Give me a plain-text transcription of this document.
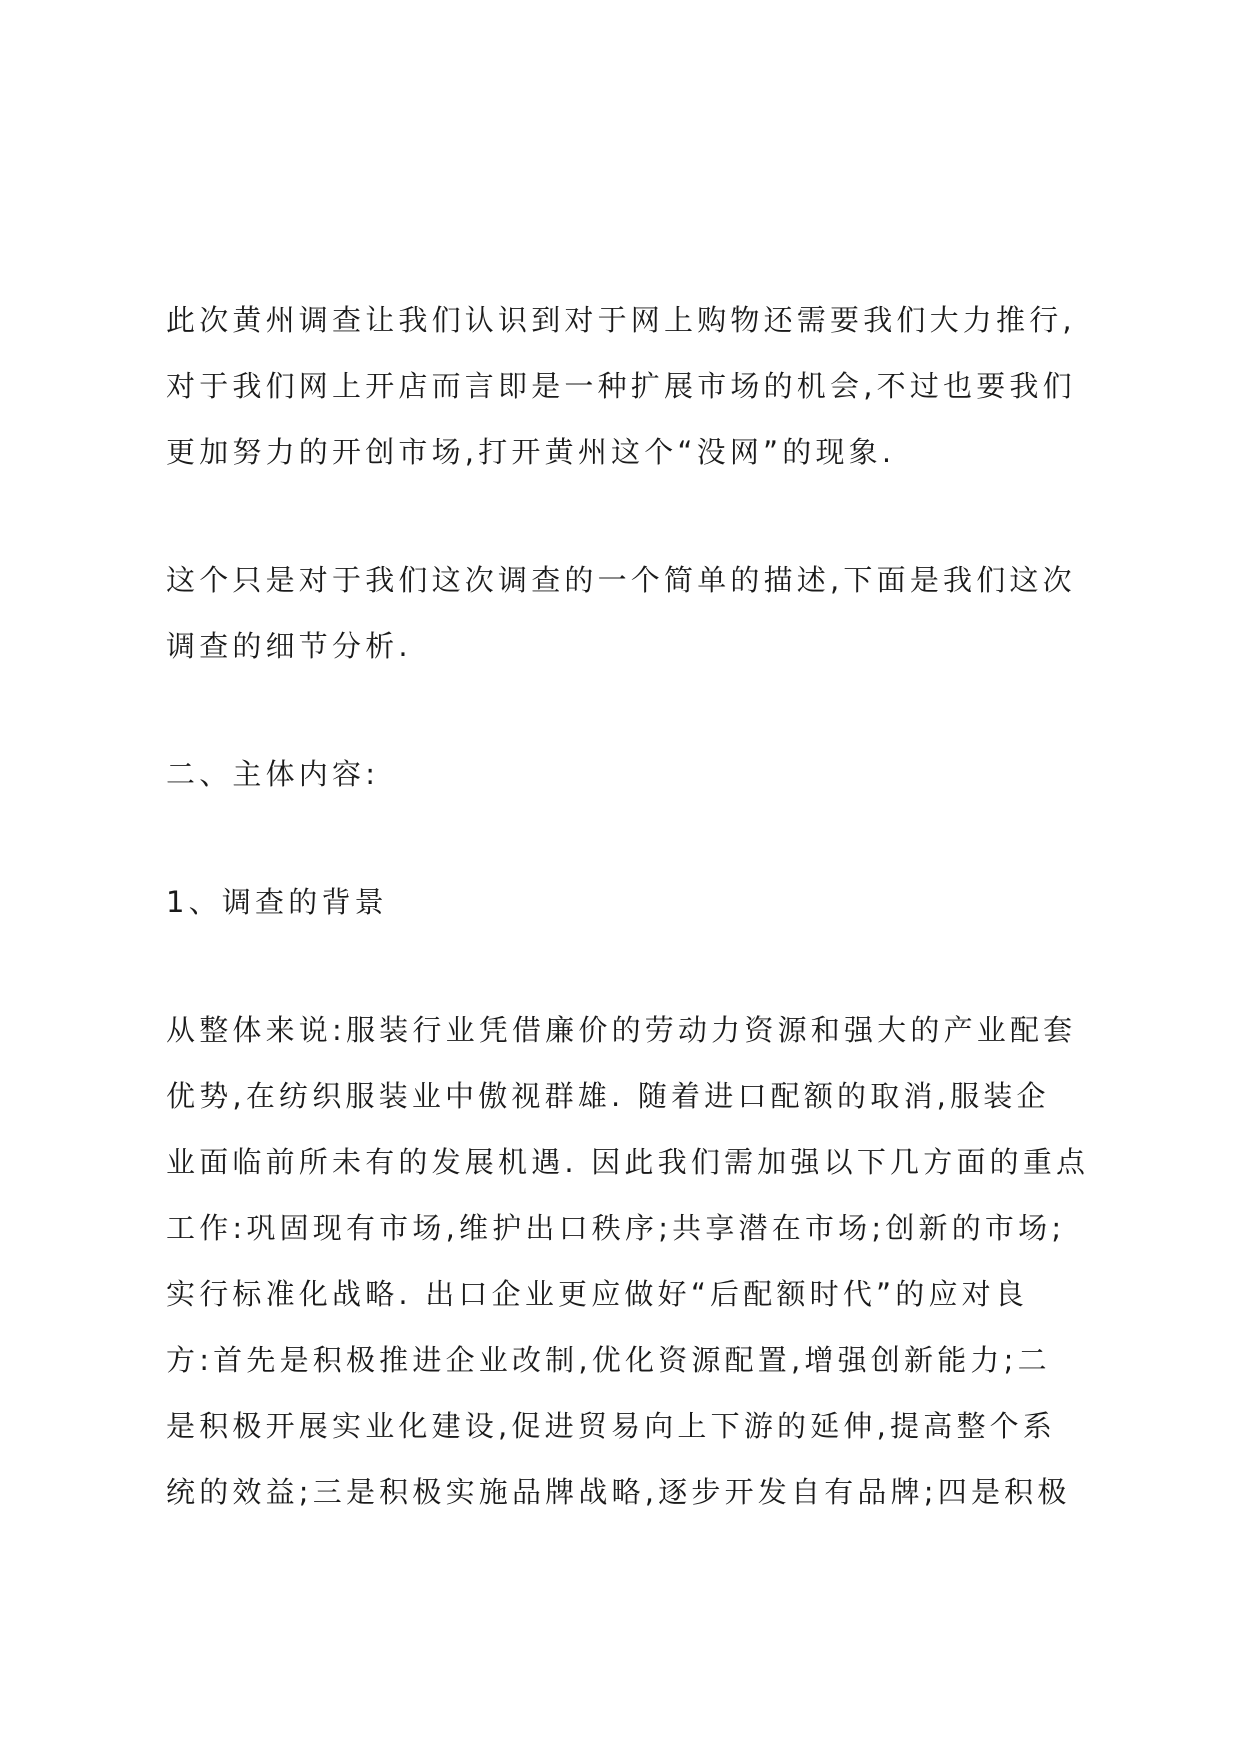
此次黄州调查让我们认识到对于网上购物还需要我们大力推行,
对于我们网上开店而言即是一种扩展市场的机会,不过也要我们
更加努力的开创市场,打开黄州这个“没网”的现象.
这个只是对于我们这次调查的一个简单的描述,下面是我们这次
调查的细节分析.
二、主体内容:
1、调查的背景
从整体来说:服装行业凭借廉价的劳动力资源和强大的产业配套
优势,在纺织服装业中傲视群雄. 随着进口配额的取消,服装企
业面临前所未有的发展机遇. 因此我们需加强以下几方面的重点
工作:巩固现有市场,维护出口秩序;共享潜在市场;创新的市场;
实行标准化战略. 出口企业更应做好“后配额时代”的应对良
方:首先是积极推进企业改制,优化资源配置,增强创新能力;二
是积极开展实业化建设,促进贸易向上下游的延伸,提高整个系
统的效益;三是积极实施品牌战略,逐步开发自有品牌;四是积极
